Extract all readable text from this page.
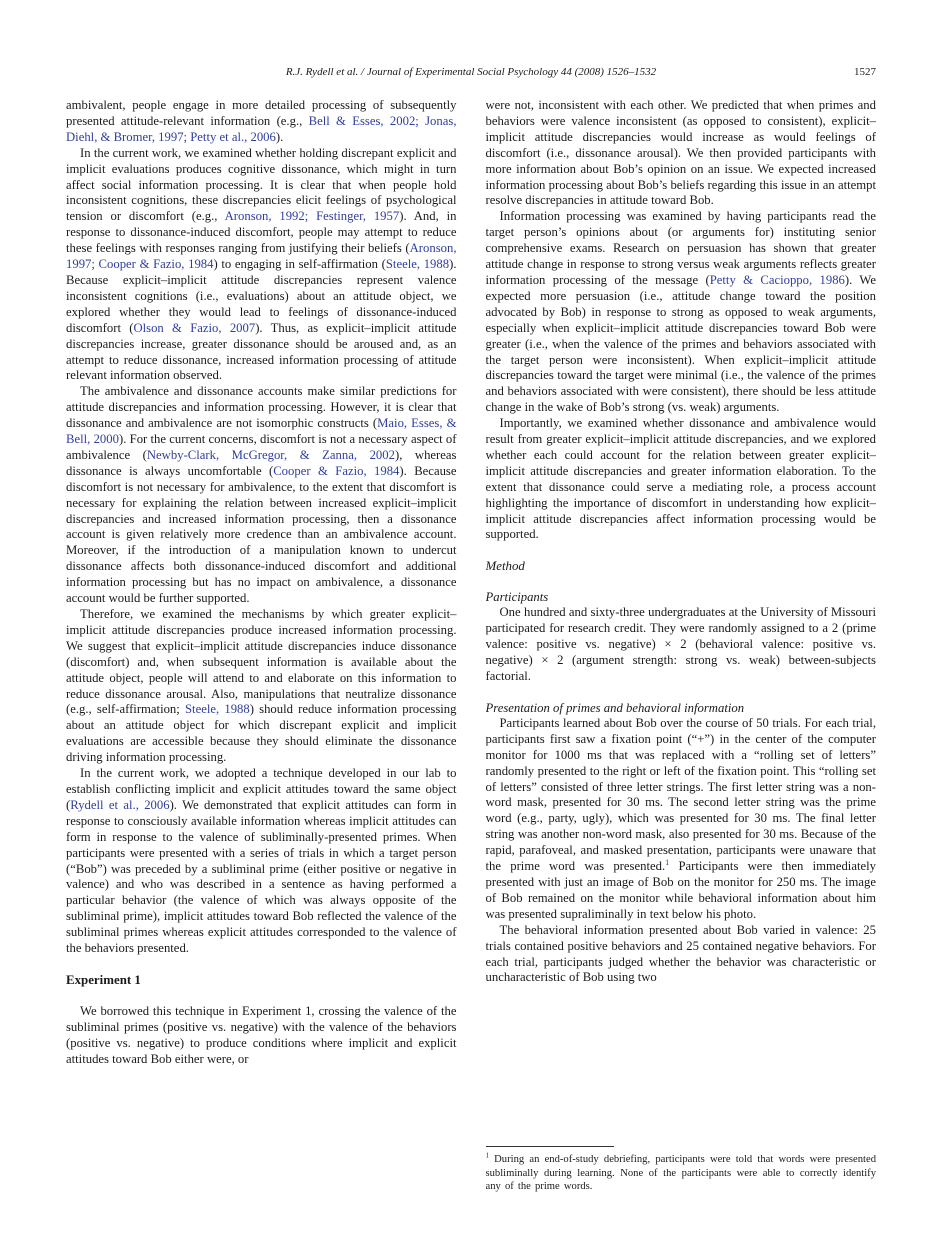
R.J. Rydell et al. / Journal of Experimental Social Psychology 44 (2008) 1526–1532	1527

ambivalent, people engage in more detailed processing of subsequently presented attitude-relevant information (e.g., Bell & Esses, 2002; Jonas, Diehl, & Bromer, 1997; Petty et al., 2006).

In the current work, we examined whether holding discrepant explicit and implicit evaluations produces cognitive dissonance, which might in turn affect social information processing. It is clear that when people hold inconsistent cognitions, these discrepancies elicit feelings of psychological tension or discomfort (e.g., Aronson, 1992; Festinger, 1957). And, in response to dissonance-induced discomfort, people may attempt to reduce these feelings with responses ranging from justifying their beliefs (Aronson, 1997; Cooper & Fazio, 1984) to engaging in self-affirmation (Steele, 1988). Because explicit–implicit attitude discrepancies represent valence inconsistent cognitions (i.e., evaluations) about an attitude object, we explored whether they would lead to feelings of dissonance-induced discomfort (Olson & Fazio, 2007). Thus, as explicit–implicit attitude discrepancies increase, greater dissonance should be aroused and, as an attempt to reduce dissonance, increased information processing of attitude relevant information observed.

The ambivalence and dissonance accounts make similar predictions for attitude discrepancies and information processing. However, it is clear that dissonance and ambivalence are not isomorphic constructs (Maio, Esses, & Bell, 2000). For the current concerns, discomfort is not a necessary aspect of ambivalence (Newby-Clark, McGregor, & Zanna, 2002), whereas dissonance is always uncomfortable (Cooper & Fazio, 1984). Because discomfort is not necessary for ambivalence, to the extent that discomfort is necessary for explaining the relation between increased explicit–implicit discrepancies and increased information processing, then a dissonance account is given relatively more credence than an ambivalence account. Moreover, if the introduction of a manipulation known to undercut dissonance affects both dissonance-induced discomfort and additional information processing but has no impact on ambivalence, a dissonance account would be further supported.

Therefore, we examined the mechanisms by which greater explicit–implicit attitude discrepancies produce increased information processing. We suggest that explicit–implicit attitude discrepancies induce dissonance (discomfort) and, when subsequent information is available about the attitude object, people will attend to and elaborate on this information to reduce dissonance arousal. Also, manipulations that neutralize dissonance (e.g., self-affirmation; Steele, 1988) should reduce information processing about an attitude object for which discrepant explicit and implicit evaluations are accessible because they should eliminate the dissonance driving information processing.

In the current work, we adopted a technique developed in our lab to establish conflicting implicit and explicit attitudes toward the same object (Rydell et al., 2006). We demonstrated that explicit attitudes can form in response to consciously available information whereas implicit attitudes can form in response to the valence of subliminally-presented primes. When participants were presented with a series of trials in which a target person (“Bob”) was preceded by a subliminal prime (either positive or negative in valence) and who was described in a sentence as having performed a particular behavior (the valence of which was always opposite of the subliminal prime), implicit attitudes toward Bob reflected the valence of the subliminal primes whereas explicit attitudes corresponded to the valence of the behaviors presented.

Experiment 1

We borrowed this technique in Experiment 1, crossing the valence of the subliminal primes (positive vs. negative) with the valence of the behaviors (positive vs. negative) to produce conditions where implicit and explicit attitudes toward Bob either were, or

were not, inconsistent with each other. We predicted that when primes and behaviors were valence inconsistent (as opposed to consistent), explicit–implicit attitude discrepancies would increase as would feelings of discomfort (i.e., dissonance arousal). We then provided participants with more information about Bob’s opinion on an issue. We expected increased information processing about Bob’s beliefs regarding this issue in an attempt resolve discrepancies in attitude toward Bob.

Information processing was examined by having participants read the target person’s opinions about (or arguments for) instituting senior comprehensive exams. Research on persuasion has shown that greater attitude change in response to strong versus weak arguments reflects greater information processing of the message (Petty & Cacioppo, 1986). We expected more persuasion (i.e., attitude change toward the position advocated by Bob) in response to strong as opposed to weak arguments, especially when explicit–implicit attitude discrepancies toward Bob were greater (i.e., when the valence of the primes and behaviors associated with the target person were inconsistent). When explicit–implicit attitude discrepancies toward the target were minimal (i.e., the valence of the primes and behaviors associated with were consistent), there should be less attitude change in the wake of Bob’s strong (vs. weak) arguments.

Importantly, we examined whether dissonance and ambivalence would result from greater explicit–implicit attitude discrepancies, and we explored whether each could account for the relation between greater explicit–implicit attitude discrepancies and greater information elaboration. To the extent that dissonance could serve a mediating role, a process account highlighting the importance of discomfort in understanding how explicit–implicit attitude discrepancies affect information processing would be supported.

Method
Participants

One hundred and sixty-three undergraduates at the University of Missouri participated for research credit. They were randomly assigned to a 2 (prime valence: positive vs. negative) × 2 (behavioral valence: positive vs. negative) × 2 (argument strength: strong vs. weak) between-subjects factorial.

Presentation of primes and behavioral information

Participants learned about Bob over the course of 50 trials. For each trial, participants first saw a fixation point (“+”) in the center of the computer monitor for 1000 ms that was replaced with a “rolling set of letters” randomly presented to the right or left of the fixation point. This “rolling set of letters” consisted of three letter strings. The first letter string was a non-word mask, presented for 30 ms. The second letter string was the prime word (e.g., party, ugly), which was presented for 30 ms. The final letter string was another non-word mask, also presented for 30 ms. Because of the rapid, parafoveal, and masked presentation, participants were unaware that the prime word was presented.$^1$ Participants were then immediately presented with just an image of Bob on the monitor for 250 ms. The image of Bob remained on the monitor while behavioral information about him was presented supraliminally in text below his photo.

The behavioral information presented about Bob varied in valence: 25 trials contained positive behaviors and 25 contained negative behaviors. For each trial, participants judged whether the behavior was characteristic or uncharacteristic of Bob using two

$^1$ During an end-of-study debriefing, participants were told that words were presented subliminally during learning. None of the participants were able to correctly identify any of the prime words.
